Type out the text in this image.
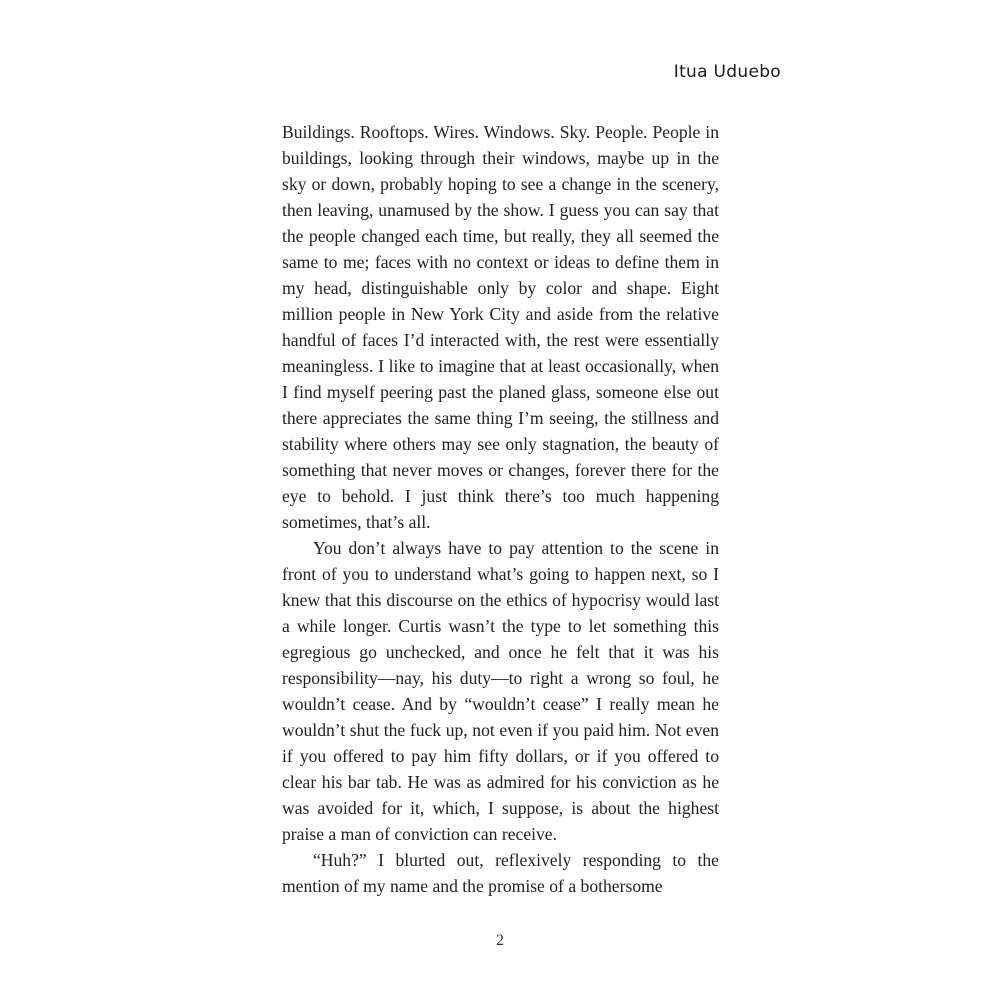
Itua Uduebo

Buildings. Rooftops. Wires. Windows. Sky. People. People in buildings, looking through their windows, maybe up in the sky or down, probably hoping to see a change in the scenery, then leaving, unamused by the show. I guess you can say that the people changed each time, but really, they all seemed the same to me; faces with no context or ideas to define them in my head, distinguishable only by color and shape. Eight million people in New York City and aside from the relative handful of faces I’d interacted with, the rest were essentially meaningless. I like to imagine that at least occasionally, when I find myself peering past the planed glass, someone else out there appreciates the same thing I’m seeing, the stillness and stability where others may see only stagnation, the beauty of something that never moves or changes, forever there for the eye to behold. I just think there’s too much happening sometimes, that’s all.

You don’t always have to pay attention to the scene in front of you to understand what’s going to happen next, so I knew that this discourse on the ethics of hypocrisy would last a while longer. Curtis wasn’t the type to let something this egregious go unchecked, and once he felt that it was his responsibility—nay, his duty—to right a wrong so foul, he wouldn’t cease. And by “wouldn’t cease” I really mean he wouldn’t shut the fuck up, not even if you paid him. Not even if you offered to pay him fifty dollars, or if you offered to clear his bar tab. He was as admired for his conviction as he was avoided for it, which, I suppose, is about the highest praise a man of conviction can receive.

“Huh?” I blurted out, reflexively responding to the mention of my name and the promise of a bothersome

2
